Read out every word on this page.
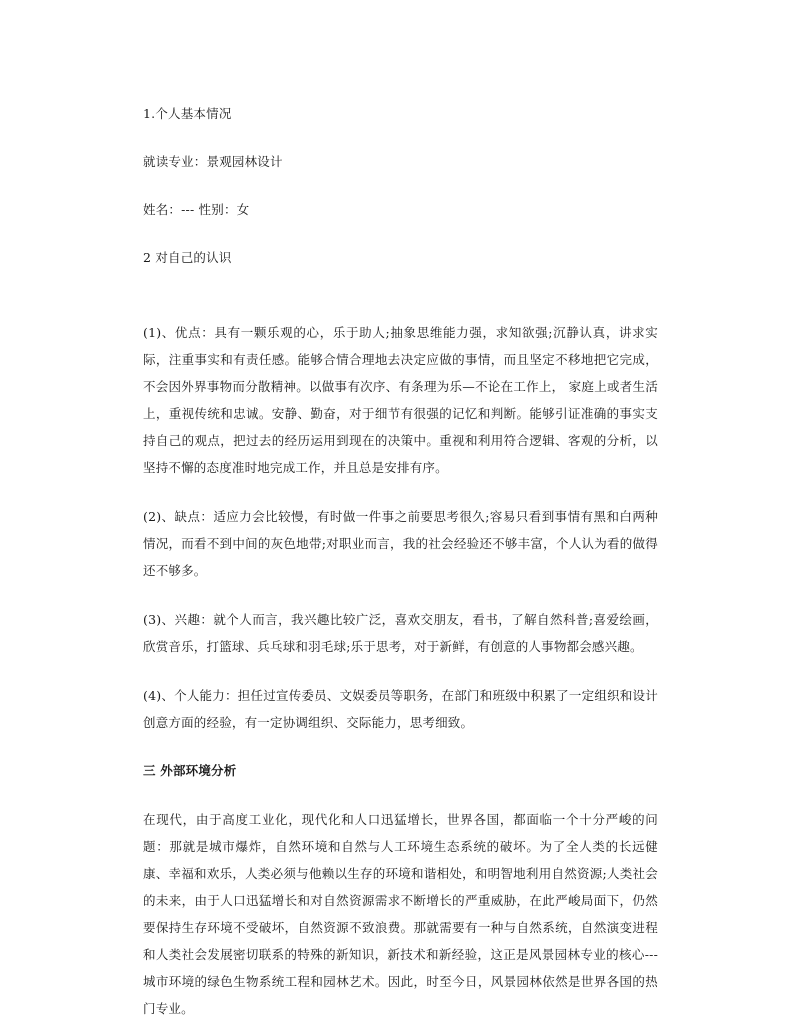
1.个人基本情况

就读专业：景观园林设计

姓名：--- 性别：女

2 对自己的认识

(1)、优点：具有一颗乐观的心，乐于助人;抽象思维能力强，求知欲强;沉静认真，讲求实际，注重事实和有责任感。能够合情合理地去决定应做的事情，而且坚定不移地把它完成，不会因外界事物而分散精神。以做事有次序、有条理为乐—不论在工作上， 家庭上或者生活上，重视传统和忠诚。安静、勤奋，对于细节有很强的记忆和判断。能够引证准确的事实支持自己的观点，把过去的经历运用到现在的决策中。重视和利用符合逻辑、客观的分析，以坚持不懈的态度准时地完成工作，并且总是安排有序。

(2)、缺点：适应力会比较慢，有时做一件事之前要思考很久;容易只看到事情有黑和白两种情况，而看不到中间的灰色地带;对职业而言，我的社会经验还不够丰富，个人认为看的做得还不够多。

(3)、兴趣：就个人而言，我兴趣比较广泛，喜欢交朋友，看书，了解自然科普;喜爱绘画，欣赏音乐，打篮球、兵乓球和羽毛球;乐于思考，对于新鲜，有创意的人事物都会感兴趣。

(4)、个人能力：担任过宣传委员、文娱委员等职务，在部门和班级中积累了一定组织和设计创意方面的经验，有一定协调组织、交际能力，思考细致。

三 外部环境分析

在现代，由于高度工业化，现代化和人口迅猛增长，世界各国，都面临一个十分严峻的问题：那就是城市爆炸，自然环境和自然与人工环境生态系统的破坏。为了全人类的长远健康、幸福和欢乐，人类必须与他赖以生存的环境和谐相处，和明智地利用自然资源;人类社会的未来，由于人口迅猛增长和对自然资源需求不断增长的严重威胁，在此严峻局面下，仍然要保持生存环境不受破坏，自然资源不致浪费。那就需要有一种与自然系统，自然演变进程和人类社会发展密切联系的特殊的新知识，新技术和新经验，这正是风景园林专业的核心---城市环境的绿色生物系统工程和园林艺术。因此，时至今日，风景园林依然是世界各国的热门专业。
